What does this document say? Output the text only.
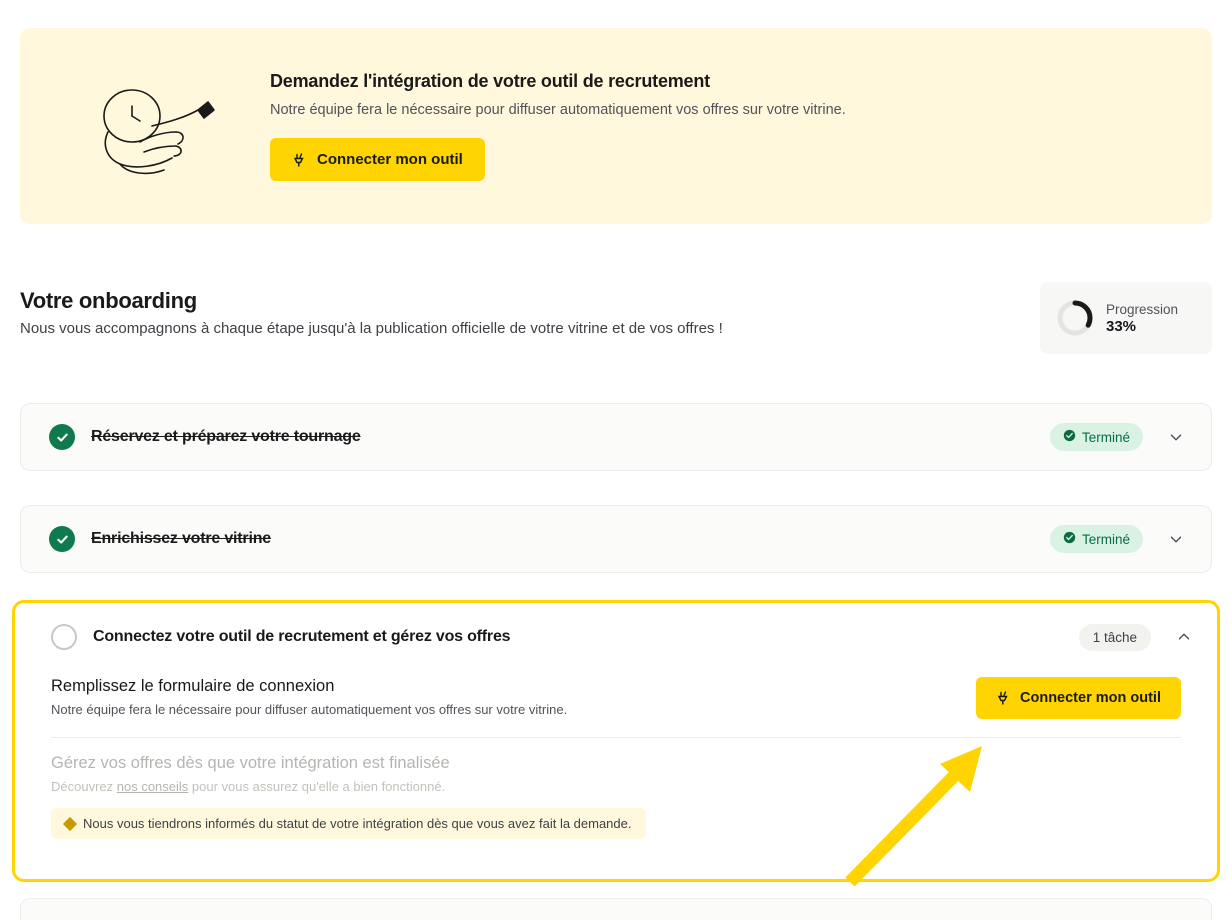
Demandez l'intégration de votre outil de recrutement

Notre équipe fera le nécessaire pour diffuser automatiquement vos offres sur votre vitrine.

Connecter mon outil
Votre onboarding

Nous vous accompagnons à chaque étape jusqu'à la publication officielle de votre vitrine et de vos offres !

Progression
33%
Réservez et préparez votre tournage	Terminé
Enrichissez votre vitrine	Terminé
Connectez votre outil de recrutement et gérez vos offres	1 tâche

Remplissez le formulaire de connexion

Notre équipe fera le nécessaire pour diffuser automatiquement vos offres sur votre vitrine.

Connecter mon outil

Gérez vos offres dès que votre intégration est finalisée

Découvrez nos conseils pour vous assurez qu'elle a bien fonctionné.

Nous vous tiendrons informés du statut de votre intégration dès que vous avez fait la demande.
